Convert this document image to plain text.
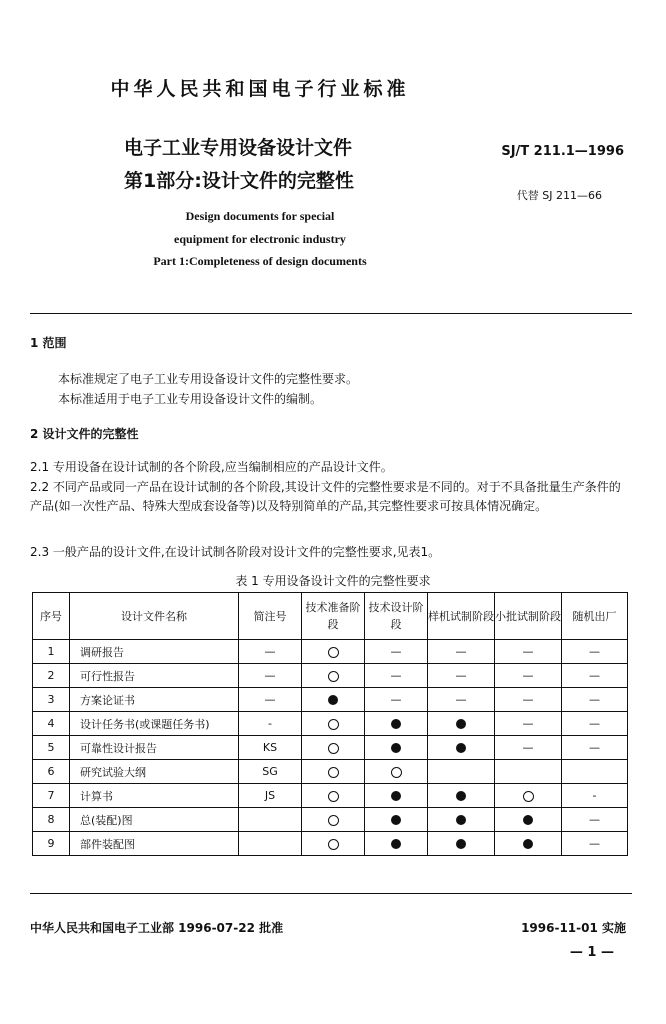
中华人民共和国电子行业标准
电子工业专用设备设计文件
第1部分:设计文件的完整性
SJ/T 211.1—1996
代替 SJ 211—66
Design documents for special
equipment for electronic industry
Part 1:Completeness of design documents
1 范围
本标准规定了电子工业专用设备设计文件的完整性要求。
本标准适用于电子工业专用设备设计文件的编制。
2 设计文件的完整性
2.1 专用设备在设计试制的各个阶段,应当编制相应的产品设计文件。
2.2 不同产品或同一产品在设计试制的各个阶段,其设计文件的完整性要求是不同的。对于不具备批量生产条件的产品(如一次性产品、特殊大型成套设备等)以及特别简单的产品,其完整性要求可按具体情况确定。
2.3 一般产品的设计文件,在设计试制各阶段对设计文件的完整性要求,见表1。
表 1 专用设备设计文件的完整性要求
序号	设计文件名称	简注号	技术准备阶段	技术设计阶段	样机试制阶段	小批试制阶段	随机出厂
1	调研报告	—		—	—	—	—
2	可行性报告	—		—	—	—	—
3	方案论证书	—		—	—	—	—
4	设计任务书(或课题任务书)	-				—	—
5	可靠性设计报告	KS				—	—
6	研究试验大纲	SG					
7	计算书	JS					-
8	总(装配)图						—
9	部件装配图						—
中华人民共和国电子工业部 1996-07-22 批准	1996-11-01 实施
— 1 —
